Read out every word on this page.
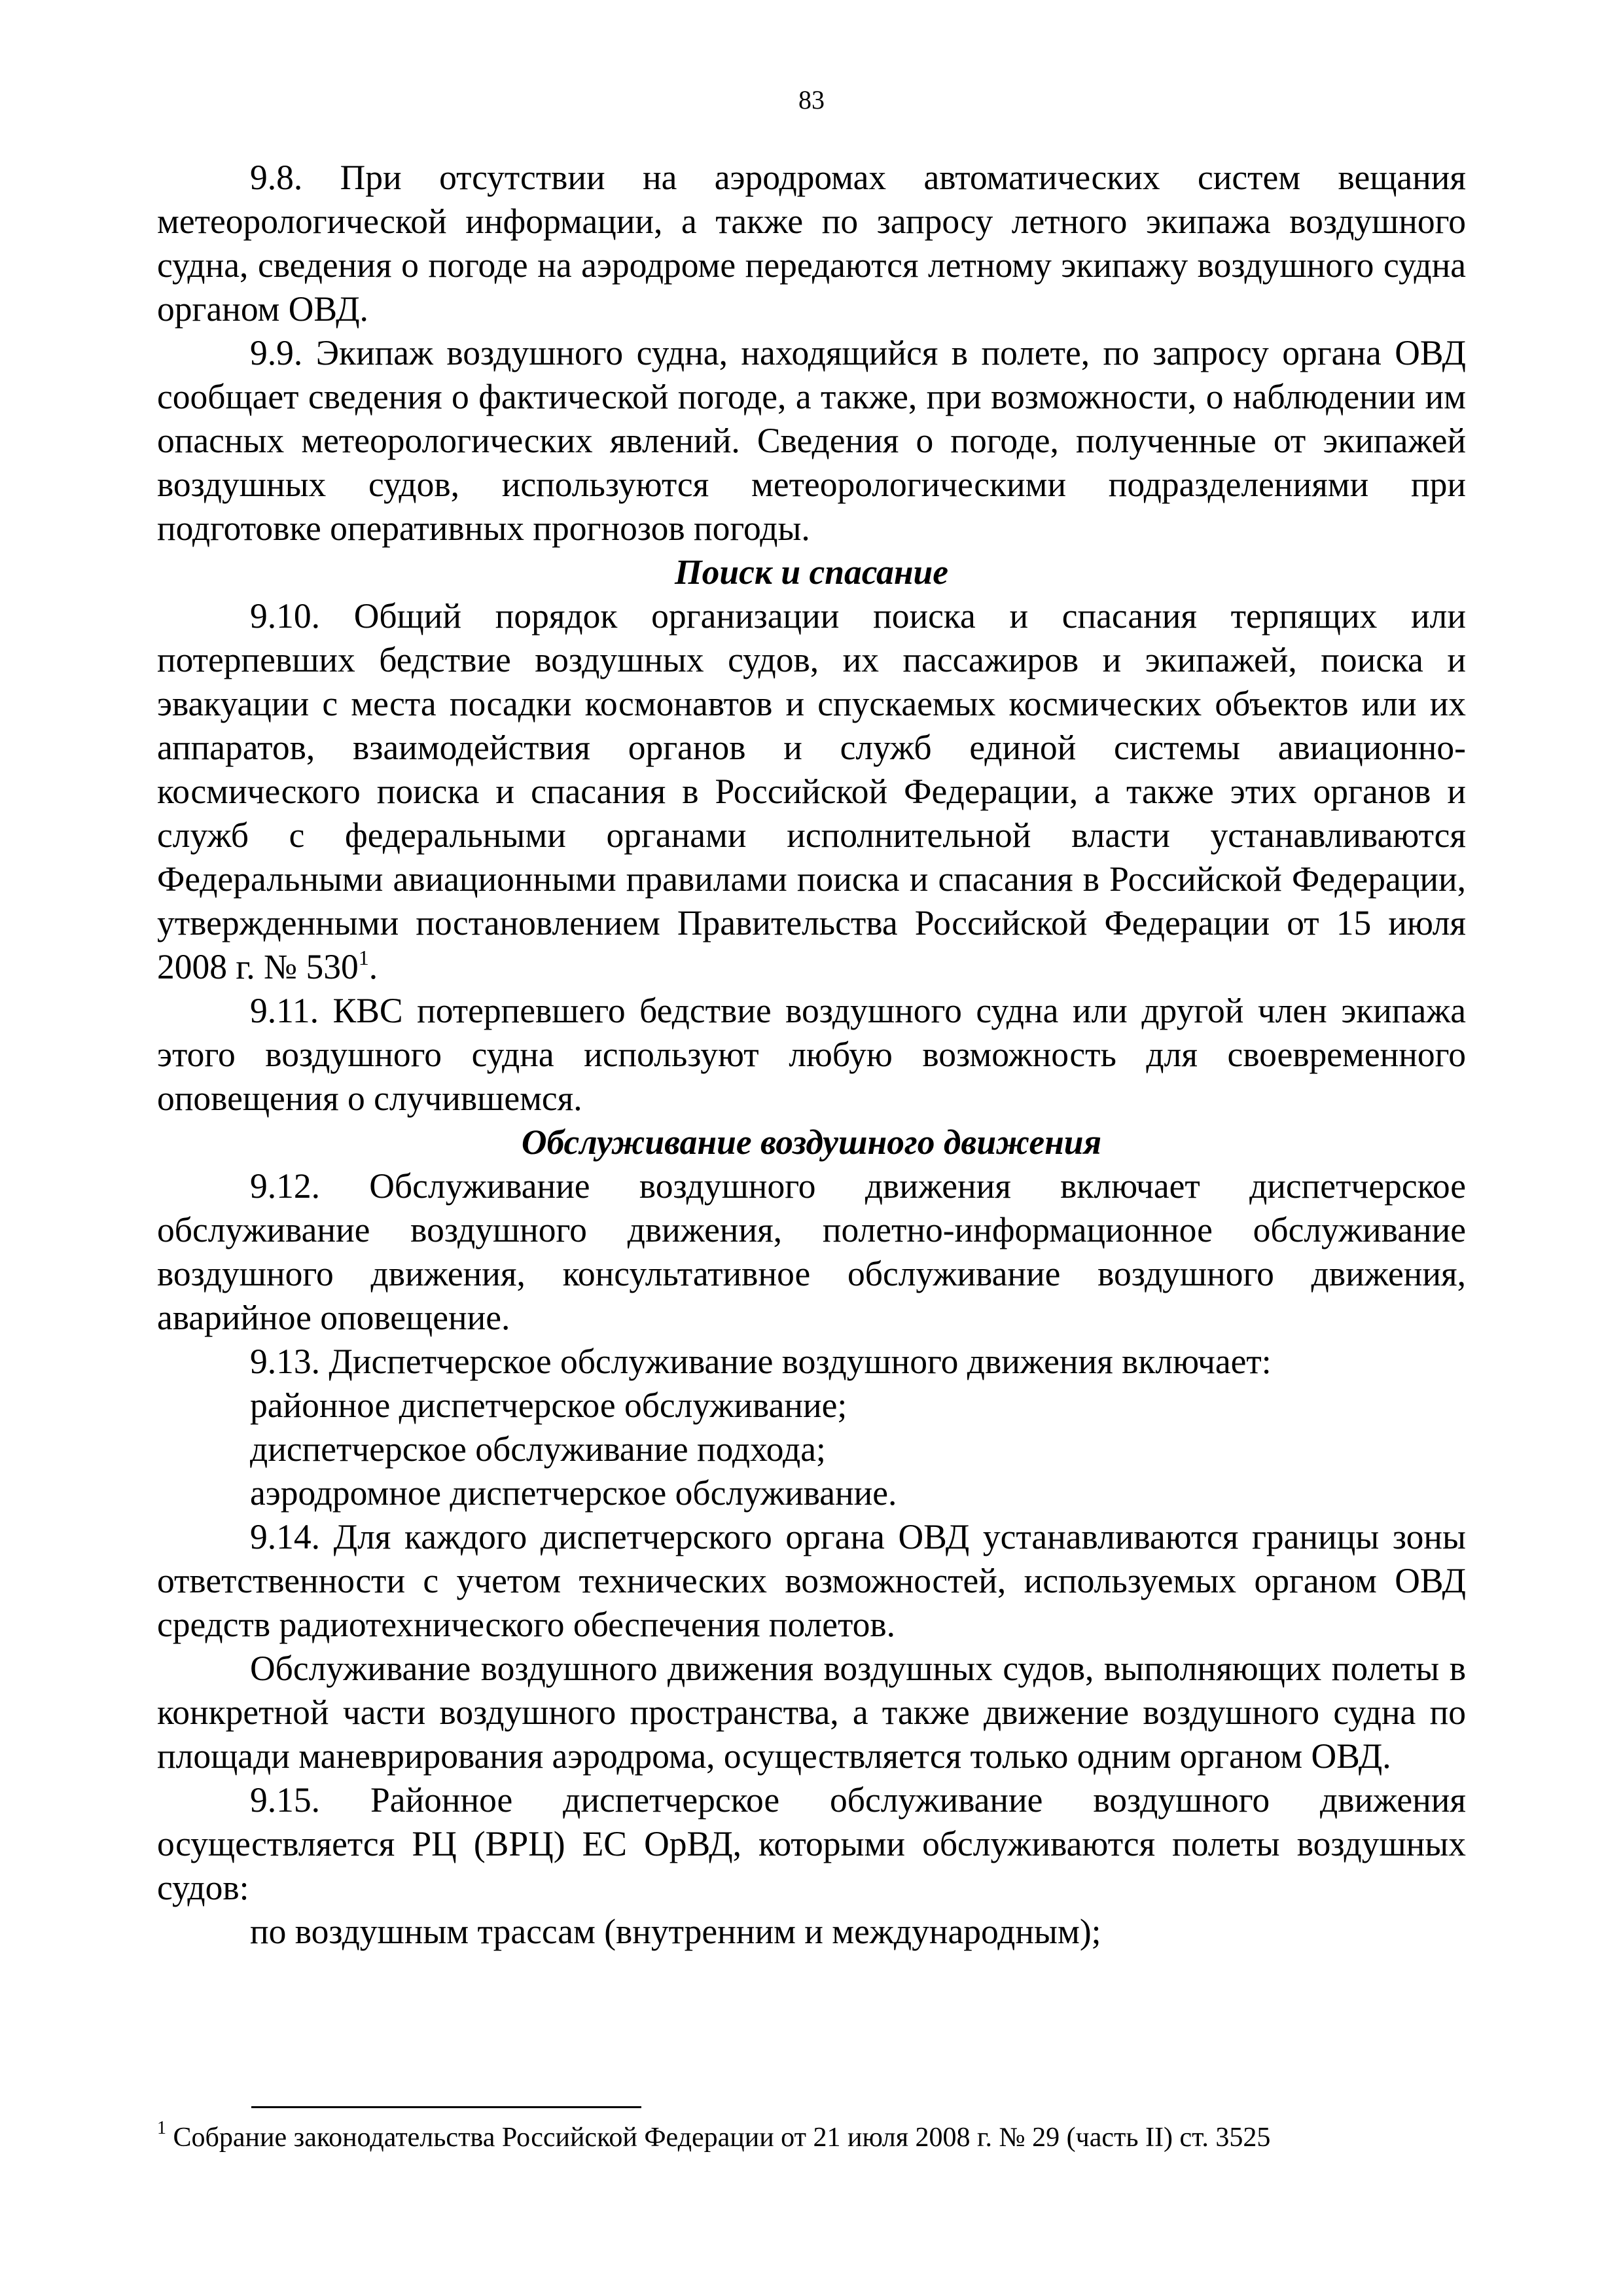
83

9.8. При отсутствии на аэродромах автоматических систем вещания метеорологической информации, а также по запросу летного экипажа воздушного судна, сведения о погоде на аэродроме передаются летному экипажу воздушного судна органом ОВД.

9.9. Экипаж воздушного судна, находящийся в полете, по запросу органа ОВД сообщает сведения о фактической погоде, а также, при возможности, о наблюдении им опасных метеорологических явлений. Сведения о погоде, полученные от экипажей воздушных судов, используются метеорологическими подразделениями при подготовке оперативных прогнозов погоды.

Поиск и спасание

9.10. Общий порядок организации поиска и спасания терпящих или потерпевших бедствие воздушных судов, их пассажиров и экипажей, поиска и эвакуации с места посадки космонавтов и спускаемых космических объектов или их аппаратов, взаимодействия органов и служб единой системы авиационно-космического поиска и спасания в Российской Федерации, а также этих органов и служб с федеральными органами исполнительной власти устанавливаются Федеральными авиационными правилами поиска и спасания в Российской Федерации, утвержденными постановлением Правительства Российской Федерации от 15 июля 2008 г. № $530^1$.

9.11. КВС потерпевшего бедствие воздушного судна или другой член экипажа этого воздушного судна используют любую возможность для своевременного оповещения о случившемся.

Обслуживание воздушного движения

9.12. Обслуживание воздушного движения включает диспетчерское обслуживание воздушного движения, полетно-информационное обслуживание воздушного движения, консультативное обслуживание воздушного движения, аварийное оповещение.

9.13. Диспетчерское обслуживание воздушного движения включает:

районное диспетчерское обслуживание;

диспетчерское обслуживание подхода;

аэродромное диспетчерское обслуживание.

9.14. Для каждого диспетчерского органа ОВД устанавливаются границы зоны ответственности с учетом технических возможностей, используемых органом ОВД средств радиотехнического обеспечения полетов.

Обслуживание воздушного движения воздушных судов, выполняющих полеты в конкретной части воздушного пространства, а также движение воздушного судна по площади маневрирования аэродрома, осуществляется только одним органом ОВД.

9.15. Районное диспетчерское обслуживание воздушного движения осуществляется РЦ (ВРЦ) ЕС ОрВД, которыми обслуживаются полеты воздушных судов:

по воздушным трассам (внутренним и международным);

$^1$ Собрание законодательства Российской Федерации от 21 июля 2008 г. № 29 (часть II) ст. 3525
